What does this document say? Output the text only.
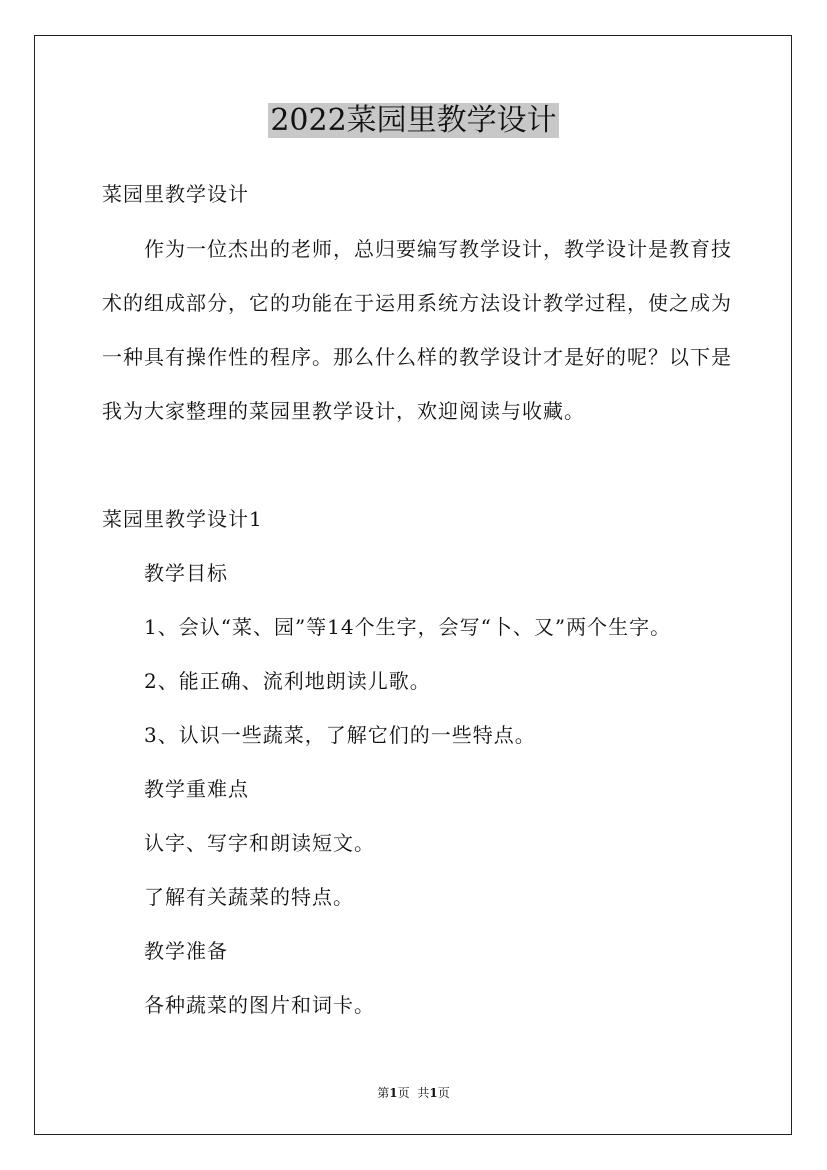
2022菜园里教学设计
菜园里教学设计
作为一位杰出的老师，总归要编写教学设计，教学设计是教育技
术的组成部分，它的功能在于运用系统方法设计教学过程，使之成为
一种具有操作性的程序。那么什么样的教学设计才是好的呢？以下是
我为大家整理的菜园里教学设计，欢迎阅读与收藏。
菜园里教学设计1
教学目标
1、会认“菜、园”等14个生字，会写“卜、又”两个生字。
2、能正确、流利地朗读儿歌。
3、认识一些蔬菜，了解它们的一些特点。
教学重难点
认字、写字和朗读短文。
了解有关蔬菜的特点。
教学准备
各种蔬菜的图片和词卡。
第1页 共1页
